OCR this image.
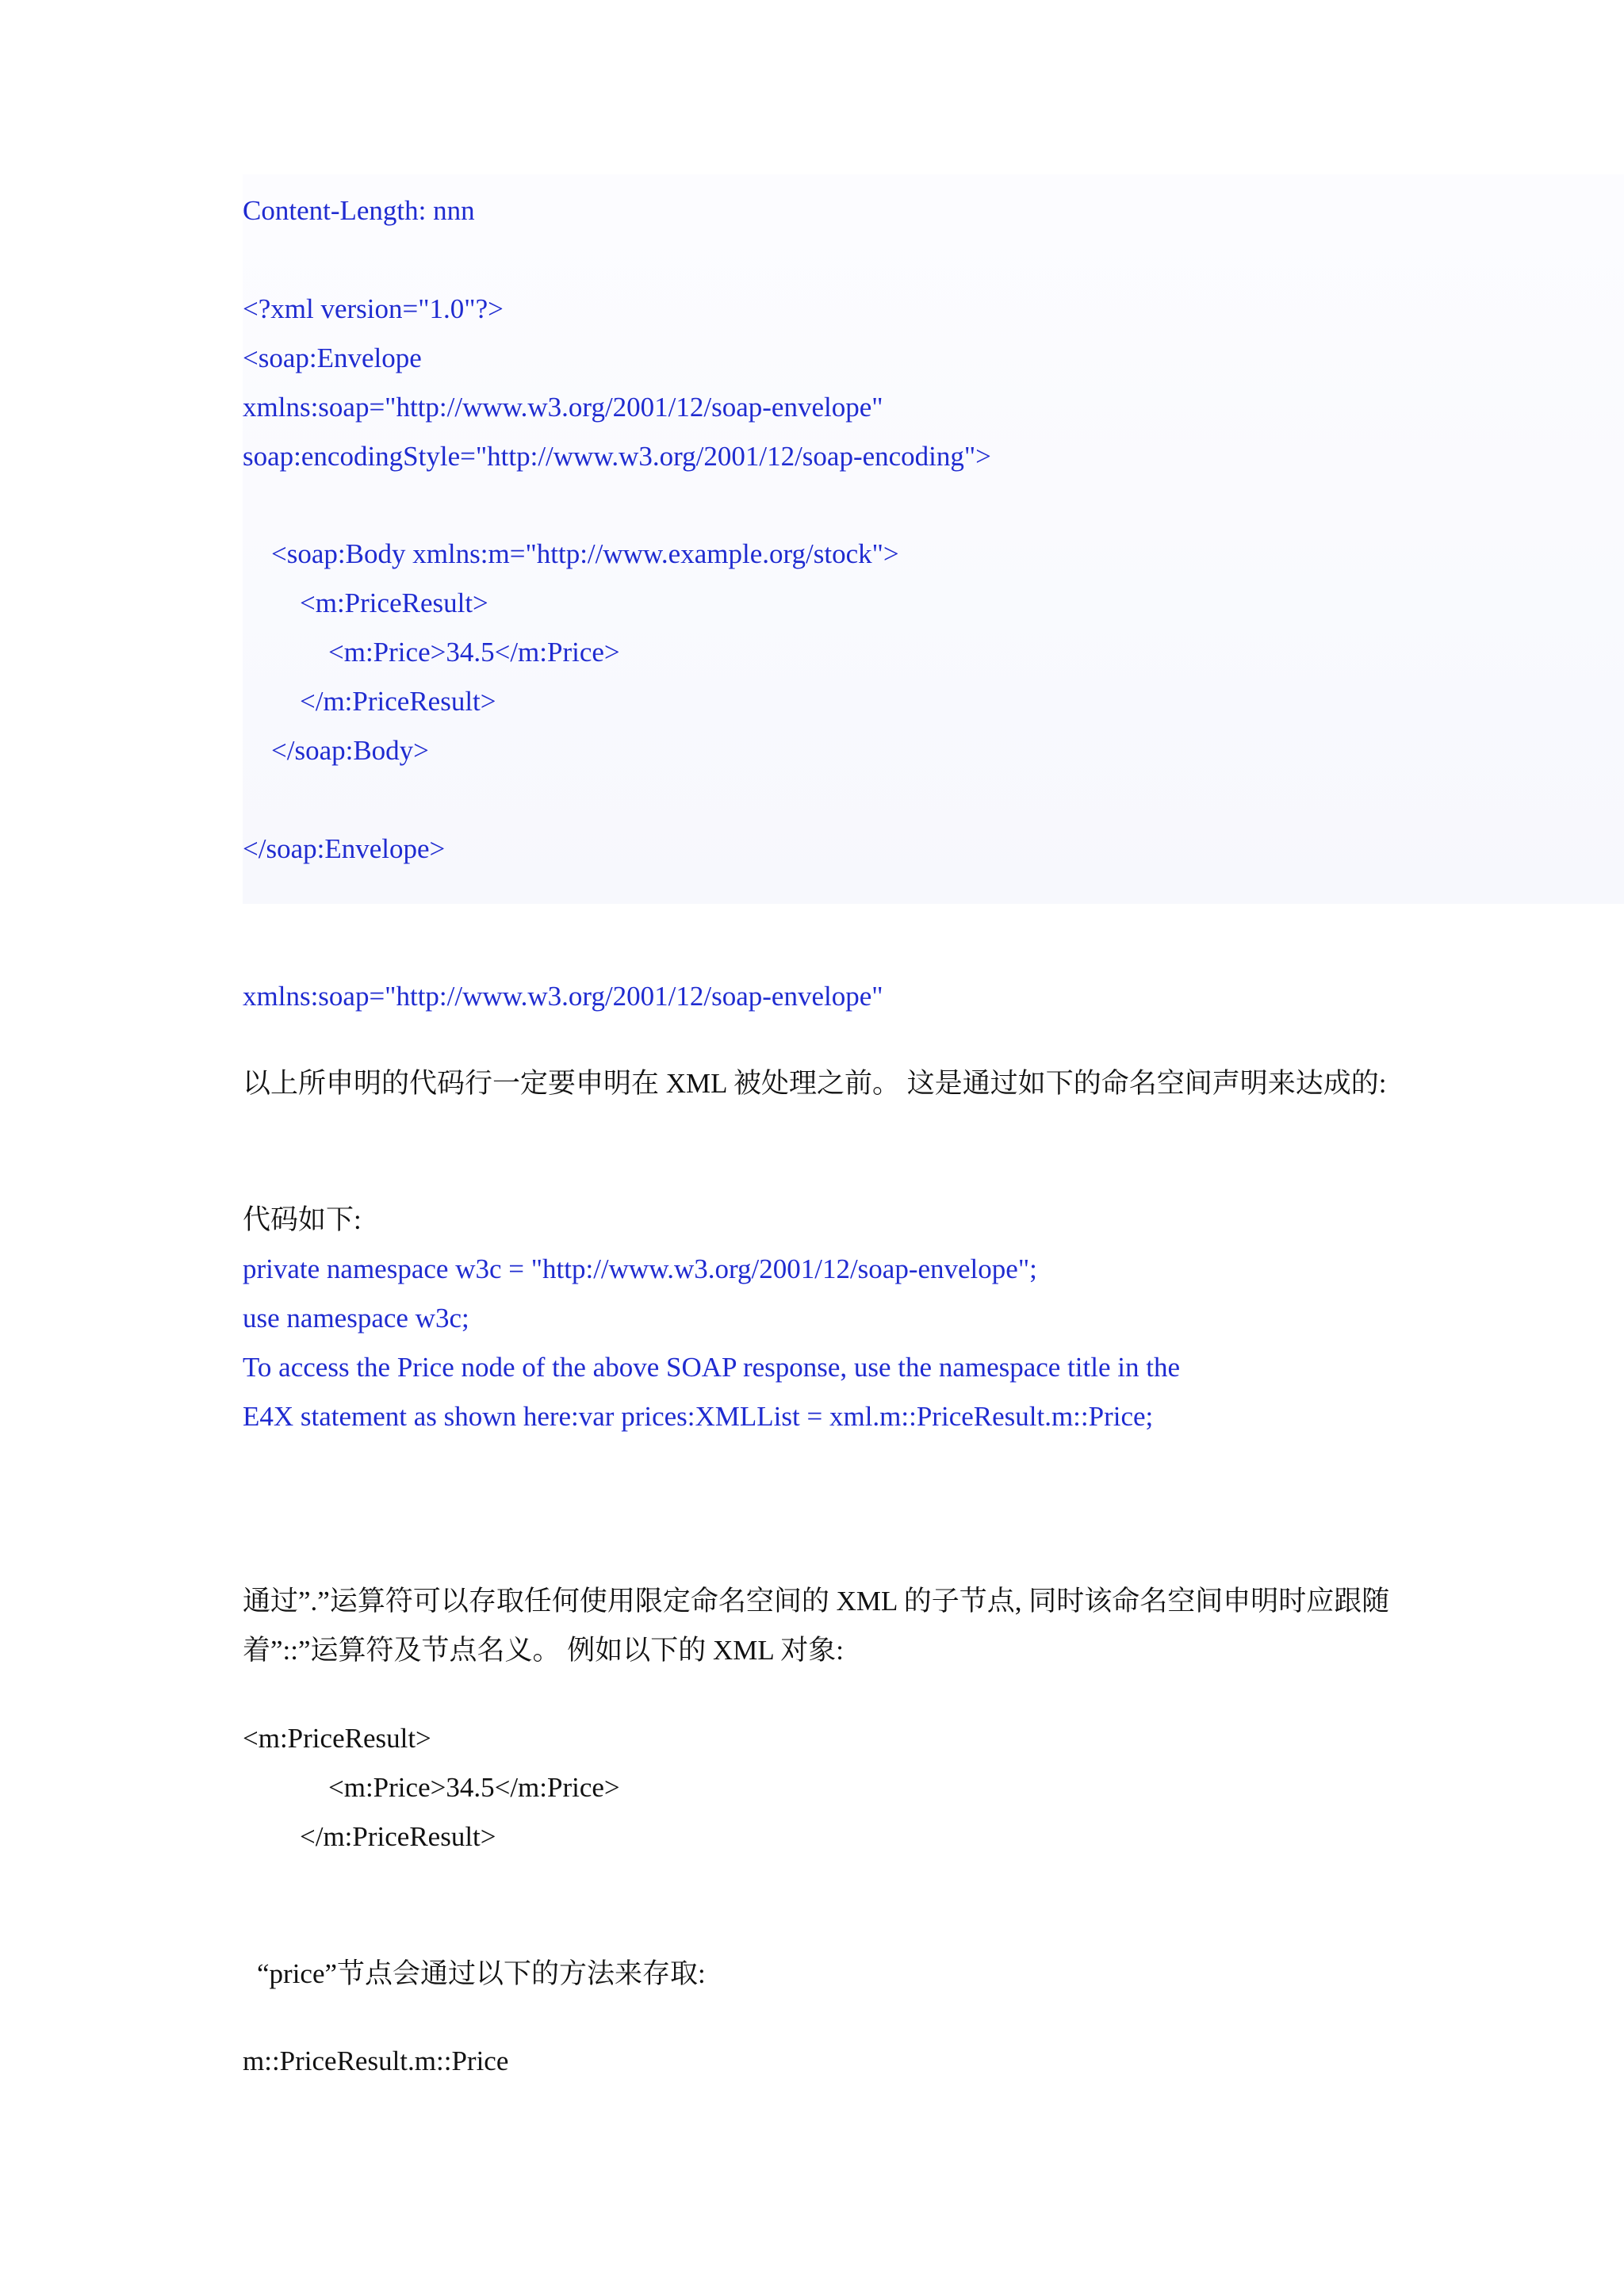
Content-Length: nnn
<?xml version="1.0"?>
<soap:Envelope
xmlns:soap="http://www.w3.org/2001/12/soap-envelope"
soap:encodingStyle="http://www.w3.org/2001/12/soap-encoding">
<soap:Body xmlns:m="http://www.example.org/stock">
<m:PriceResult>
<m:Price>34.5</m:Price>
</m:PriceResult>
</soap:Body>
</soap:Envelope>
xmlns:soap="http://www.w3.org/2001/12/soap-envelope"
以上所申明的代码行一定要申明在 XML 被处理之前。 这是通过如下的命名空间声明来达成的:
代码如下:
private namespace w3c = "http://www.w3.org/2001/12/soap-envelope";
use namespace w3c;
To access the Price node of the above SOAP response, use the namespace title in the
E4X statement as shown here:var prices:XMLList = xml.m::PriceResult.m::Price;
通过”.”运算符可以存取任何使用限定命名空间的 XML 的子节点, 同时该命名空间申明时应跟随着”::”运算符及节点名义。 例如以下的 XML 对象:
<m:PriceResult>
<m:Price>34.5</m:Price>
</m:PriceResult>
“price”节点会通过以下的方法来存取:
m::PriceResult.m::Price
